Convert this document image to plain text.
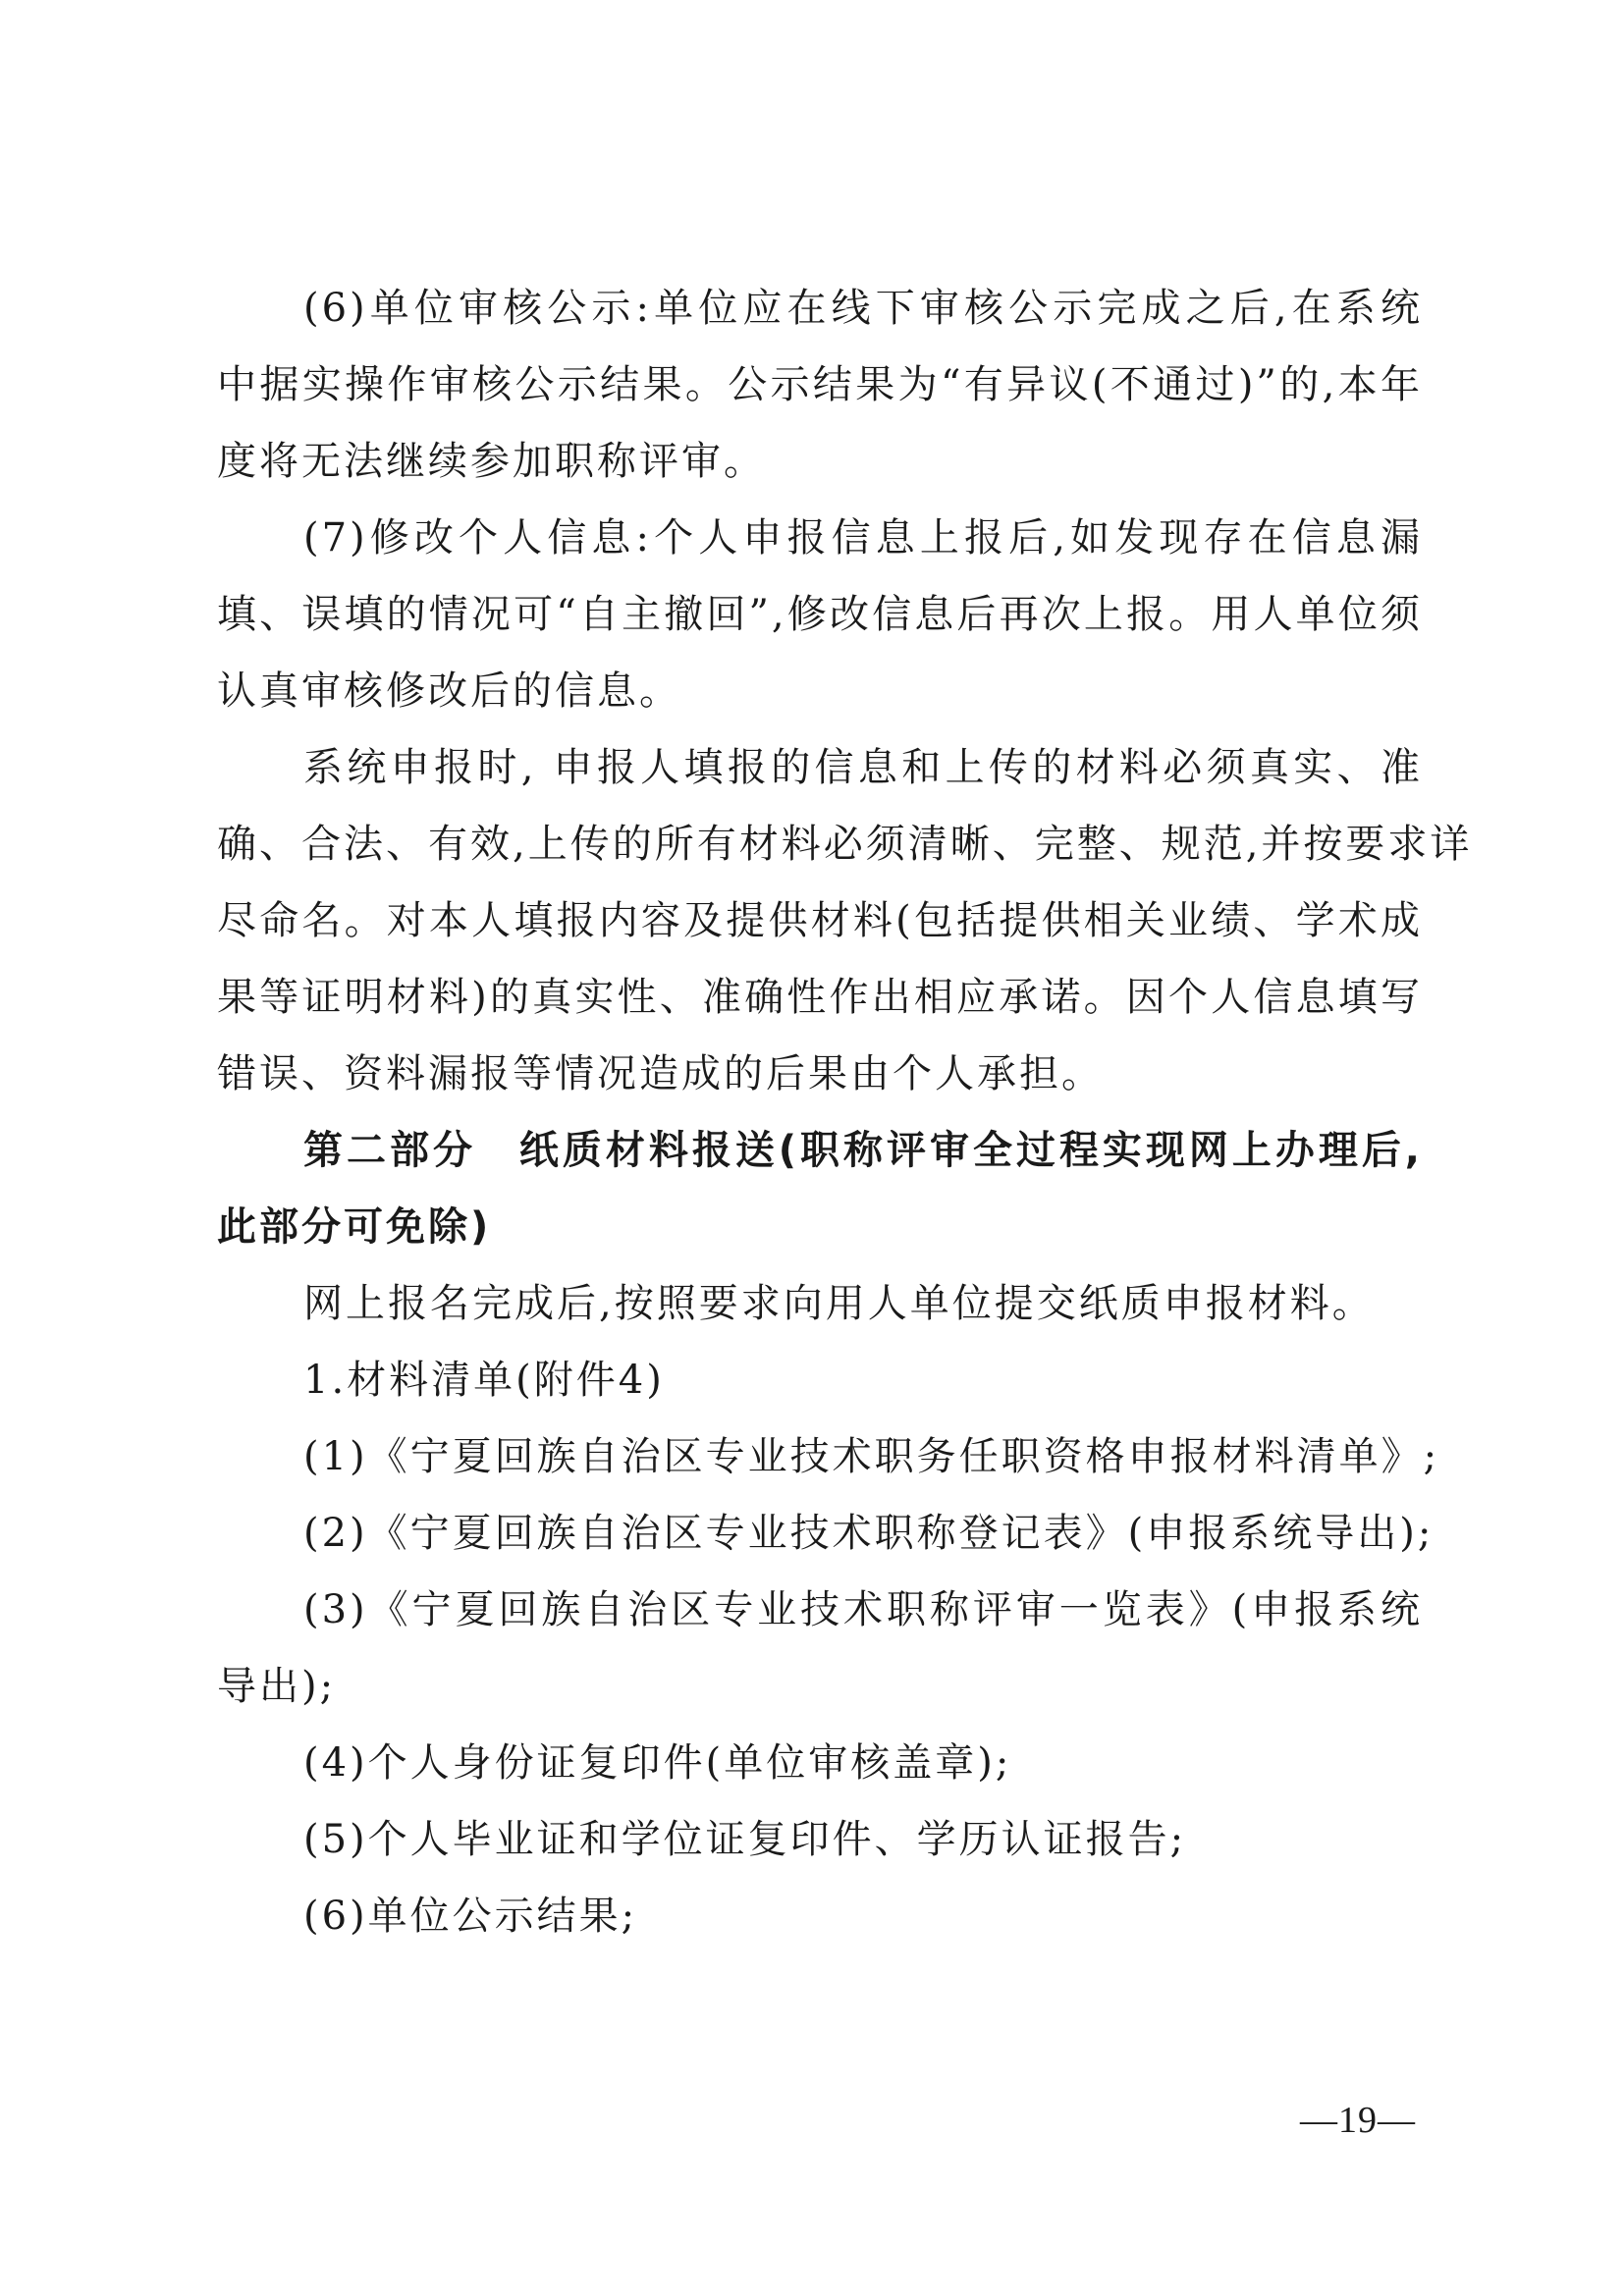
(6)单位审核公示:单位应在线下审核公示完成之后,在系统
中据实操作审核公示结果。公示结果为“有异议(不通过)”的,本年
度将无法继续参加职称评审。
(7)修改个人信息:个人申报信息上报后,如发现存在信息漏
填、误填的情况可“自主撤回”,修改信息后再次上报。用人单位须
认真审核修改后的信息。
系统申报时, 申报人填报的信息和上传的材料必须真实、准
确、合法、有效,上传的所有材料必须清晰、完整、规范,并按要求详
尽命名。对本人填报内容及提供材料(包括提供相关业绩、学术成
果等证明材料)的真实性、准确性作出相应承诺。因个人信息填写
错误、资料漏报等情况造成的后果由个人承担。
第二部分　纸质材料报送(职称评审全过程实现网上办理后,
此部分可免除)
网上报名完成后,按照要求向用人单位提交纸质申报材料。
1.材料清单(附件4)
(1)《宁夏回族自治区专业技术职务任职资格申报材料清单》;
(2)《宁夏回族自治区专业技术职称登记表》(申报系统导出);
(3)《宁夏回族自治区专业技术职称评审一览表》(申报系统
导出);
(4)个人身份证复印件(单位审核盖章);
(5)个人毕业证和学位证复印件、学历认证报告;
(6)单位公示结果;
—19—
